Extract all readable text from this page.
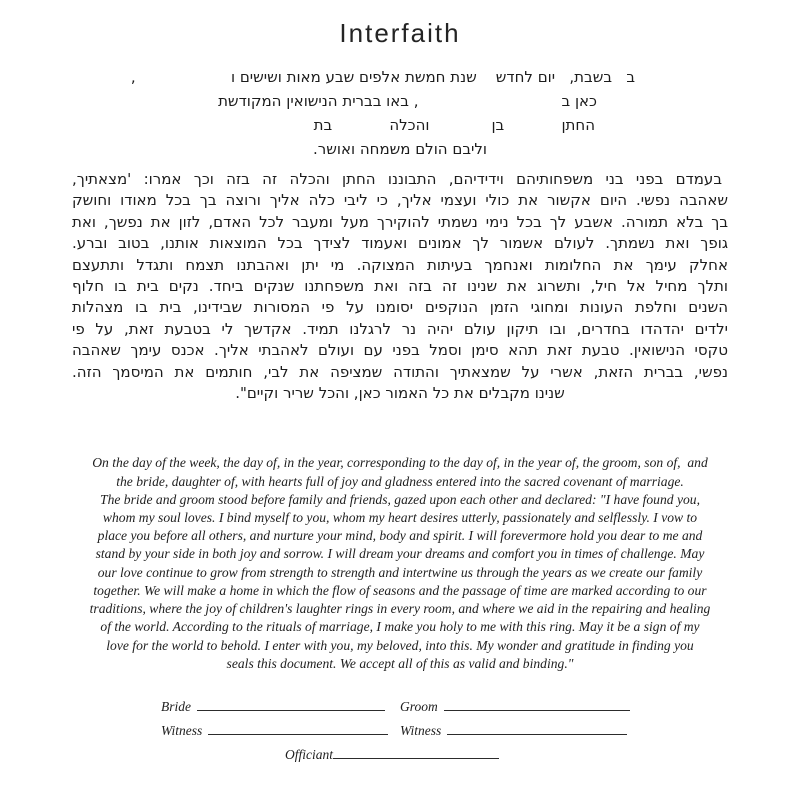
Interfaith
ב   בשבת,   יום לחדש    שנת חמשת אלפים שבע מאות ושישים ו                    ,
כאן ב                              , באו בברית הנישואין המקודשת
החתן            בן             והכלה            בת
וליבם הולם משמחה ואושר.
בעמדם בפני בני משפחותיהם וידידיהם, התבוננו החתן והכלה זה בזה וכך אמרו: 'מצאתיך,
שאהבה נפשי. היום אקשור את כולי ועצמי אליך, כי ליבי כלה אליך ורוצה בך בכל מאודו וחושק
בך בלא תמורה. אשבע לך בכל נימי נשמתי להוקירך מעל ומעבר לכל האדם, לזון את נפשך, ואת
גופך ואת נשמתך. לעולם אשמור לך אמונים ואעמוד לצידך בכל המוצאות אותנו, בטוב וברע.
אחלק עימך את החלומות ואנחמך בעיתות המצוקה. מי יתן ואהבתנו תצמח ותגדל ותתעצם
ותלך מחיל אל חיל, ותשרוג את שנינו זה בזה ואת משפחתנו שנקים ביחד. נקים בית בו חלוף
השנים וחלפת העונות ומחוגי הזמן הנוקפים יסומנו על פי המסורות שבידינו, בית בו מצהלות
ילדים יהדהדו בחדרים, ובו תיקון עולם יהיה נר לרגלנו תמיד. אקדשך לי בטבעת זאת, על פי
טקסי הנישואין. טבעת זאת תהא סימן וסמל בפני עם ועולם לאהבתי אליך. אכנס עימך שאהבה
נפשי, בברית הזאת, אשרי על שמצאתיך והתודה שמציפה את לבי, חותמים את המיסמך הזה.
שנינו מקבלים את כל האמור כאן, והכל שריר וקיים".
On the day of the week, the day of, in the year, corresponding to the day of, in the year of, the groom, son of,  and
the bride, daughter of, with hearts full of joy and gladness entered into the sacred covenant of marriage.
The bride and groom stood before family and friends, gazed upon each other and declared: "I have found you,
whom my soul loves. I bind myself to you, whom my heart desires utterly, passionately and selflessly. I vow to
place you before all others, and nurture your mind, body and spirit. I will forevermore hold you dear to me and
stand by your side in both joy and sorrow. I will dream your dreams and comfort you in times of challenge. May
our love continue to grow from strength to strength and intertwine us through the years as we create our family
together. We will make a home in which the flow of seasons and the passage of time are marked according to our
traditions, where the joy of children's laughter rings in every room, and where we aid in the repairing and healing
of the world. According to the rituals of marriage, I make you holy to me with this ring. May it be a sign of my
love for the world to behold. I enter with you, my beloved, into this. My wonder and gratitude in finding you
seals this document. We accept all of this as valid and binding."
Bride	Groom
Witness	Witness
Officiant
